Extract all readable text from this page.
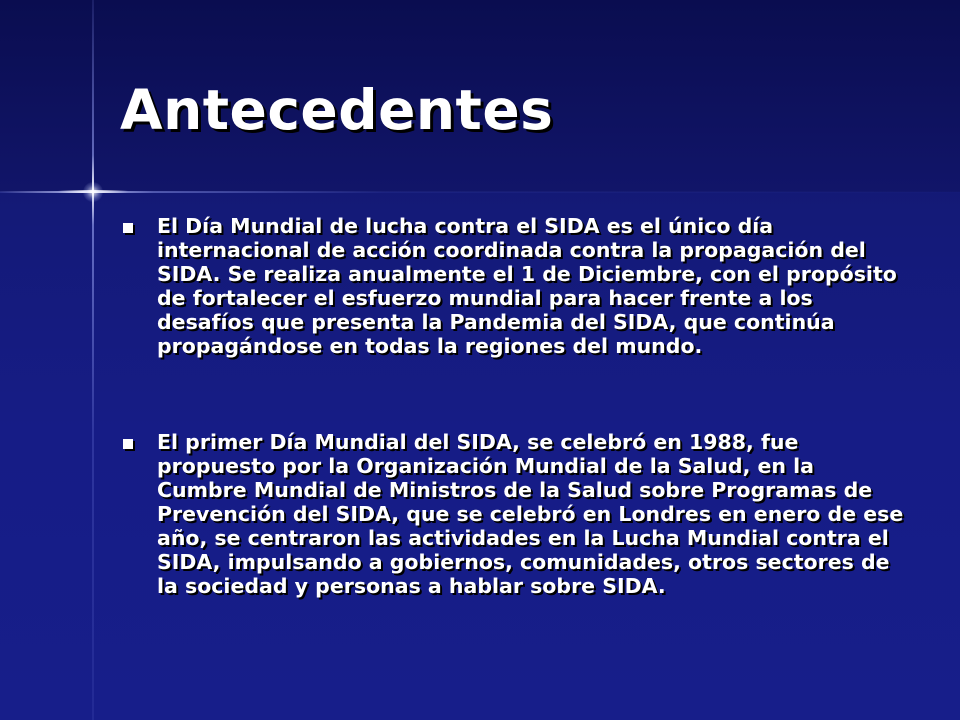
Antecedentes
El Día Mundial de lucha contra el SIDA es el único día internacional de acción coordinada contra la propagación del SIDA. Se realiza anualmente el 1 de Diciembre, con el propósito de fortalecer el esfuerzo mundial para hacer frente a los desafíos que presenta la Pandemia del SIDA, que continúa propagándose en todas la regiones del mundo.
El primer Día Mundial del SIDA, se celebró en 1988, fue propuesto por la Organización Mundial de la Salud, en la Cumbre Mundial de Ministros de la Salud sobre Programas de Prevención del SIDA, que se celebró en Londres en enero de ese año, se centraron las actividades en la Lucha Mundial contra el SIDA, impulsando a gobiernos, comunidades, otros sectores de la sociedad y personas a hablar sobre SIDA.
